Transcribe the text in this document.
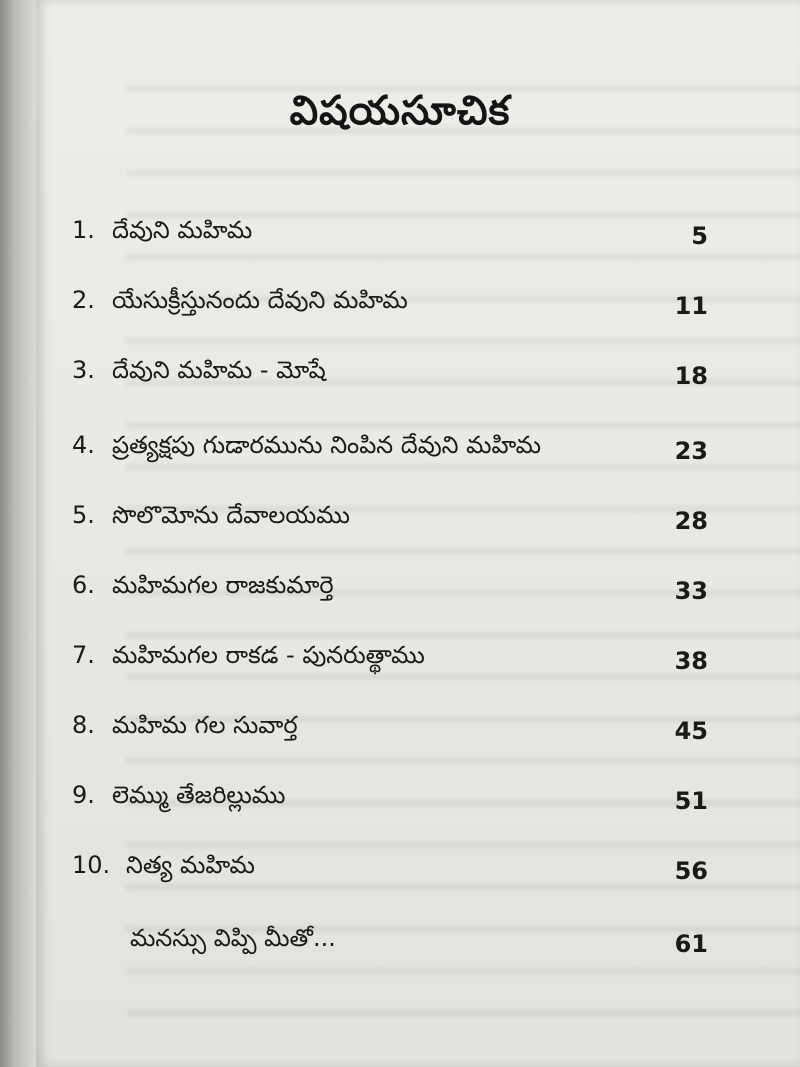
విషయసూచిక
1. దేవుని మహిమ	5
2. యేసుక్రీస్తునందు దేవుని మహిమ	11
3. దేవుని మహిమ - మోషే	18
4. ప్రత్యక్షపు గుడారమును నింపిన దేవుని మహిమ	23
5. సొలొమోను దేవాలయము	28
6. మహిమగల రాజకుమార్తె	33
7. మహిమగల రాకడ - పునరుత్థాము	38
8. మహిమ గల సువార్త	45
9. లెమ్ము తేజరిల్లుము	51
10. నిత్య మహిమ	56
మనస్సు విప్పి మీతో...	61
